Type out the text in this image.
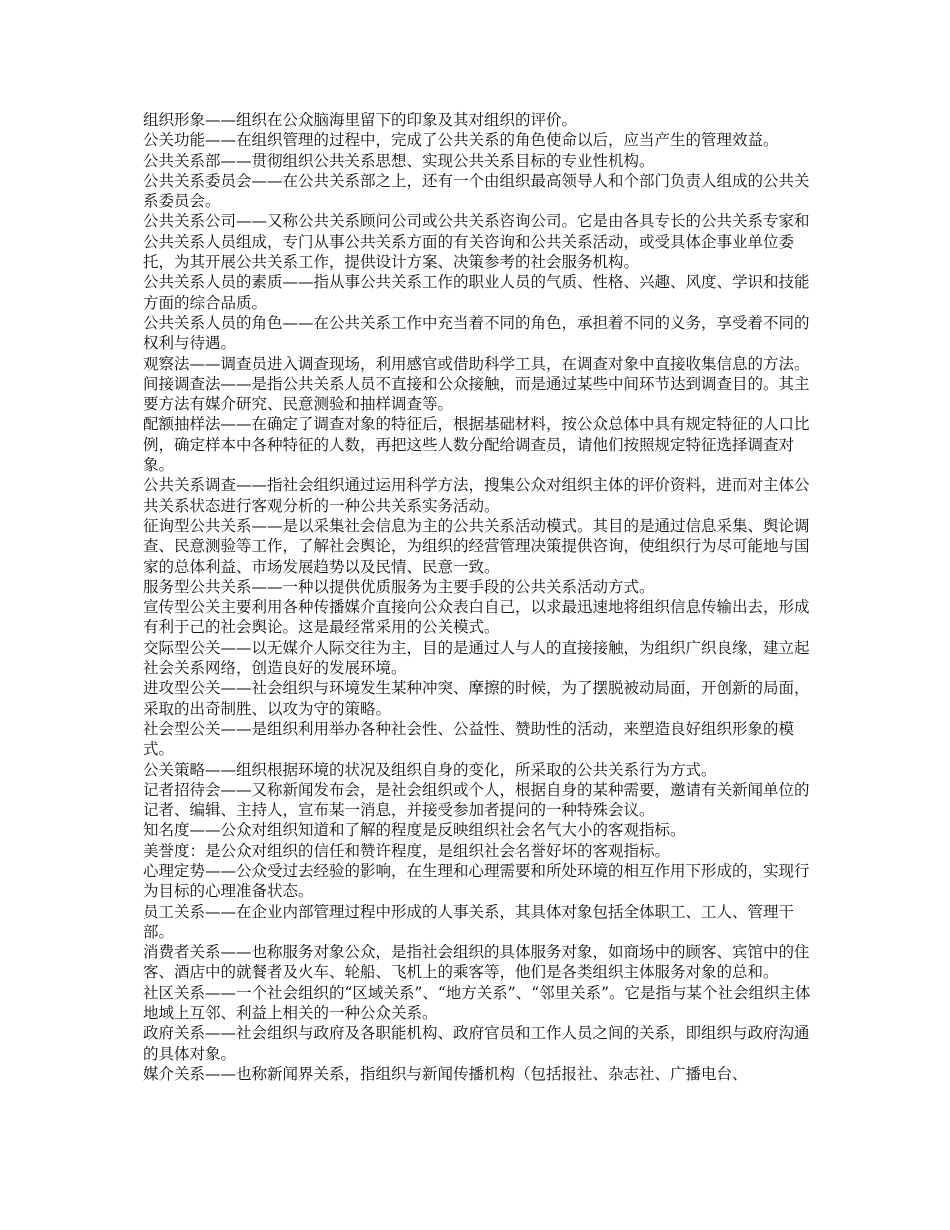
组织形象——组织在公众脑海里留下的印象及其对组织的评价。

公关功能——在组织管理的过程中，完成了公共关系的角色使命以后，应当产生的管理效益。

公共关系部——贯彻组织公共关系思想、实现公共关系目标的专业性机构。

公共关系委员会——在公共关系部之上，还有一个由组织最高领导人和个部门负责人组成的公共关系委员会。

公共关系公司——又称公共关系顾问公司或公共关系咨询公司。它是由各具专长的公共关系专家和公共关系人员组成，专门从事公共关系方面的有关咨询和公共关系活动，或受具体企事业单位委托，为其开展公共关系工作，提供设计方案、决策参考的社会服务机构。

公共关系人员的素质——指从事公共关系工作的职业人员的气质、性格、兴趣、风度、学识和技能方面的综合品质。

公共关系人员的角色——在公共关系工作中充当着不同的角色，承担着不同的义务，享受着不同的权利与待遇。

观察法——调查员进入调查现场，利用感官或借助科学工具，在调查对象中直接收集信息的方法。

间接调查法——是指公共关系人员不直接和公众接触，而是通过某些中间环节达到调查目的。其主要方法有媒介研究、民意测验和抽样调查等。

配额抽样法——在确定了调查对象的特征后，根据基础材料，按公众总体中具有规定特征的人口比例，确定样本中各种特征的人数，再把这些人数分配给调查员，请他们按照规定特征选择调查对象。

公共关系调查——指社会组织通过运用科学方法，搜集公众对组织主体的评价资料，进而对主体公共关系状态进行客观分析的一种公共关系实务活动。

征询型公共关系——是以采集社会信息为主的公共关系活动模式。其目的是通过信息采集、舆论调查、民意测验等工作，了解社会舆论，为组织的经营管理决策提供咨询，使组织行为尽可能地与国家的总体利益、市场发展趋势以及民情、民意一致。

服务型公共关系——一种以提供优质服务为主要手段的公共关系活动方式。

宣传型公关主要利用各种传播媒介直接向公众表白自己，以求最迅速地将组织信息传输出去，形成有利于己的社会舆论。这是最经常采用的公关模式。

交际型公关——以无媒介人际交往为主，目的是通过人与人的直接接触，为组织广织良缘，建立起社会关系网络，创造良好的发展环境。

进攻型公关——社会组织与环境发生某种冲突、摩擦的时候，为了摆脱被动局面，开创新的局面，采取的出奇制胜、以攻为守的策略。

社会型公关——是组织利用举办各种社会性、公益性、赞助性的活动，来塑造良好组织形象的模式。

公关策略——组织根据环境的状况及组织自身的变化，所采取的公共关系行为方式。

记者招待会——又称新闻发布会，是社会组织或个人，根据自身的某种需要，邀请有关新闻单位的记者、编辑、主持人，宣布某一消息，并接受参加者提问的一种特殊会议。

知名度——公众对组织知道和了解的程度是反映组织社会名气大小的客观指标。

美誉度：是公众对组织的信任和赞许程度，是组织社会名誉好坏的客观指标。

心理定势——公众受过去经验的影响，在生理和心理需要和所处环境的相互作用下形成的，实现行为目标的心理准备状态。

员工关系——在企业内部管理过程中形成的人事关系，其具体对象包括全体职工、工人、管理干部。

消费者关系——也称服务对象公众，是指社会组织的具体服务对象，如商场中的顾客、宾馆中的住客、酒店中的就餐者及火车、轮船、飞机上的乘客等，他们是各类组织主体服务对象的总和。

社区关系——一个社会组织的“区域关系”、“地方关系”、“邻里关系”。它是指与某个社会组织主体地域上互邻、利益上相关的一种公众关系。

政府关系——社会组织与政府及各职能机构、政府官员和工作人员之间的关系，即组织与政府沟通的具体对象。

媒介关系——也称新闻界关系，指组织与新闻传播机构（包括报社、杂志社、广播电台、
